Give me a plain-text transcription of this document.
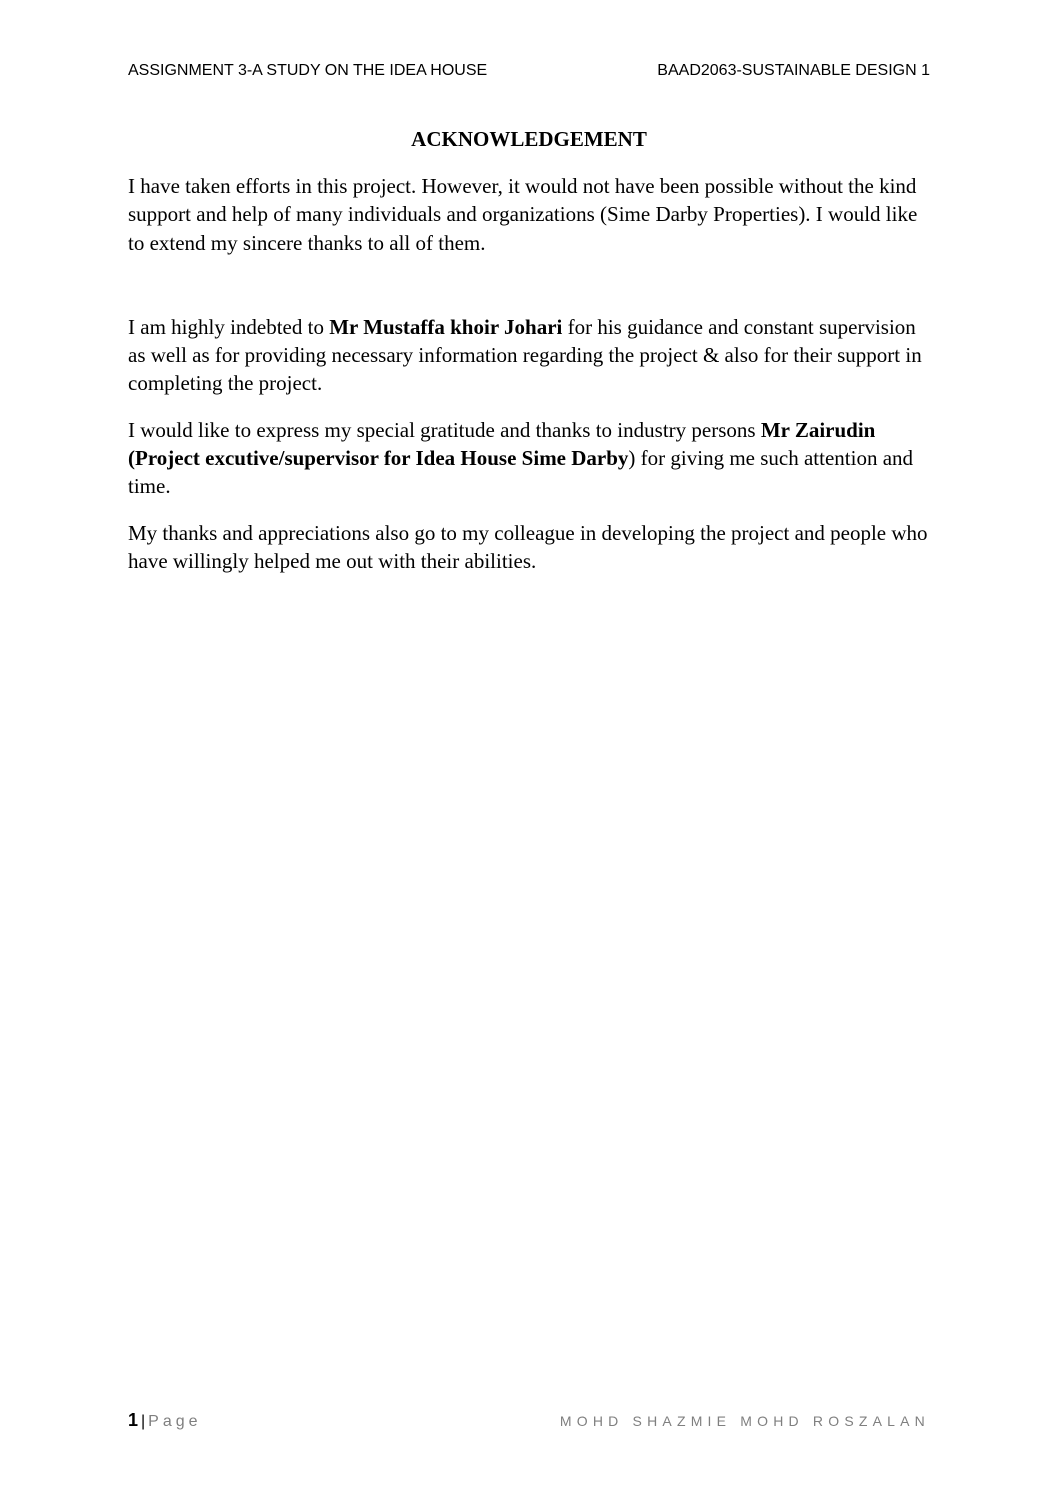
ASSIGNMENT 3-A STUDY ON THE IDEA HOUSE	BAAD2063-SUSTAINABLE DESIGN 1
ACKNOWLEDGEMENT

I have taken efforts in this project. However, it would not have been possible without the kind support and help of many individuals and organizations (Sime Darby Properties). I would like to extend my sincere thanks to all of them.

I am highly indebted to Mr Mustaffa khoir Johari for his guidance and constant supervision as well as for providing necessary information regarding the project & also for their support in completing the project.

I would like to express my special gratitude and thanks to industry persons Mr Zairudin (Project excutive/supervisor for Idea House Sime Darby) for giving me such attention and time.

My thanks and appreciations also go to my colleague in developing the project and people who have willingly helped me out with their abilities.

1 | Page	MOHD SHAZMIE MOHD ROSZALAN
